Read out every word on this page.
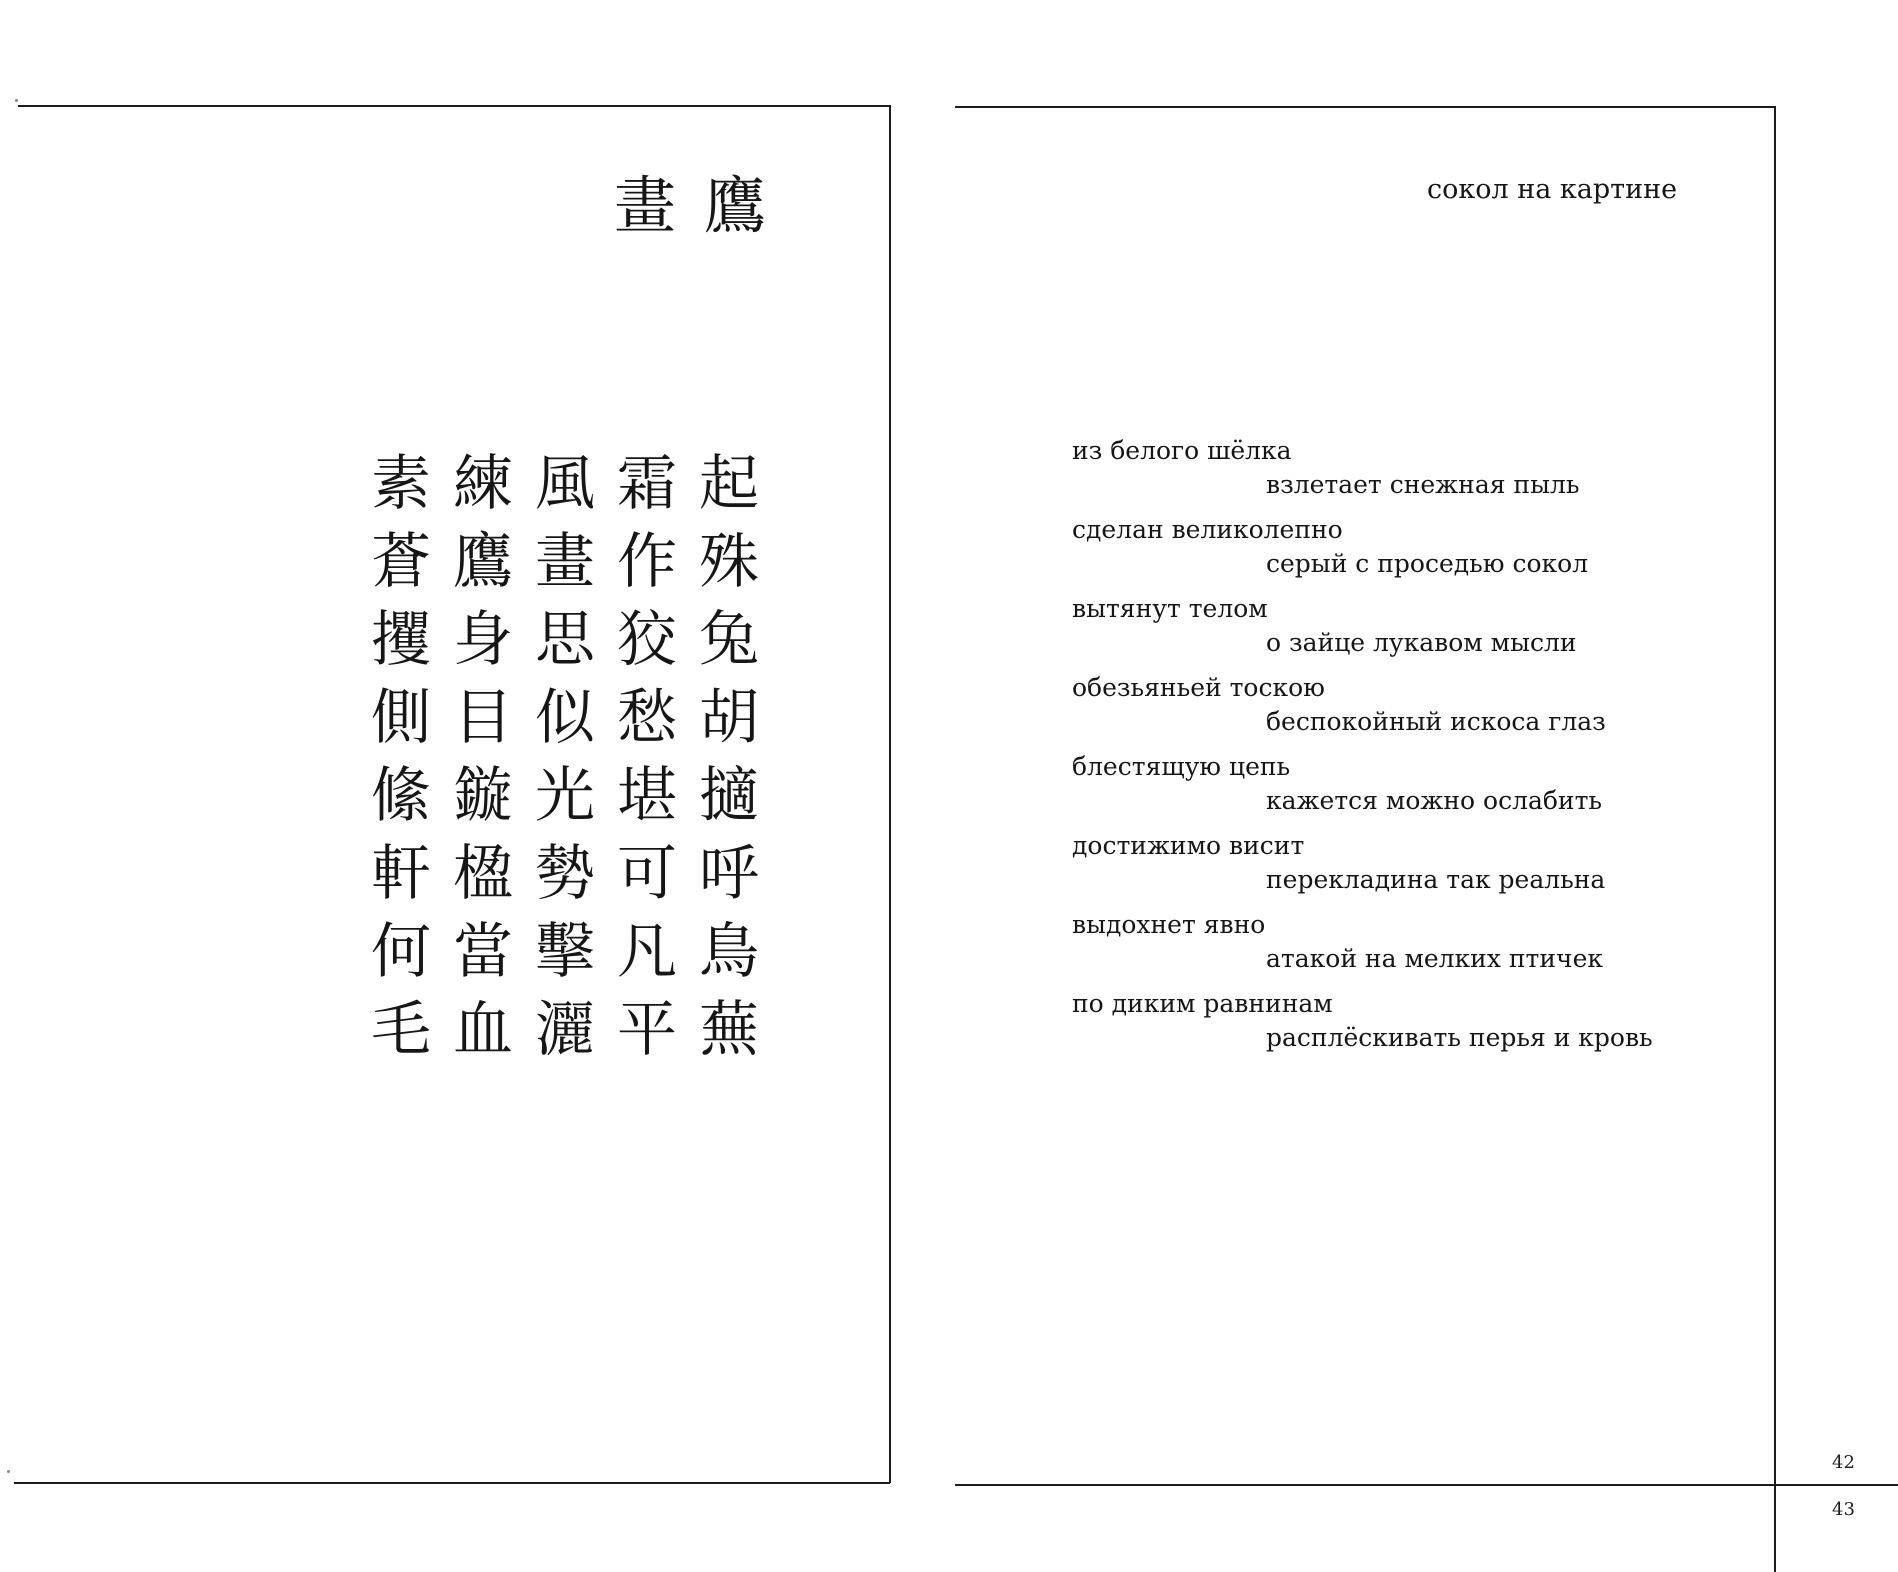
畫 鷹
素 練 風 霜 起
蒼 鷹 畫 作 殊
攫 身 思 狡 兔
側 目 似 愁 胡
絛 鏇 光 堪 擿
軒 楹 勢 可 呼
何 當 擊 凡 鳥
毛 血 灑 平 蕪
сокол на картине
из белого шёлка
взлетает снежная пыль
сделан великолепно
серый с проседью сокол
вытянут телом
о зайце лукавом мысли
обезьяньей тоскою
беспокойный искоса глаз
блестящую цепь
кажется можно ослабить
достижимо висит
перекладина так реальна
выдохнет явно
атакой на мелких птичек
по диким равнинам
расплёскивать перья и кровь
42
43
